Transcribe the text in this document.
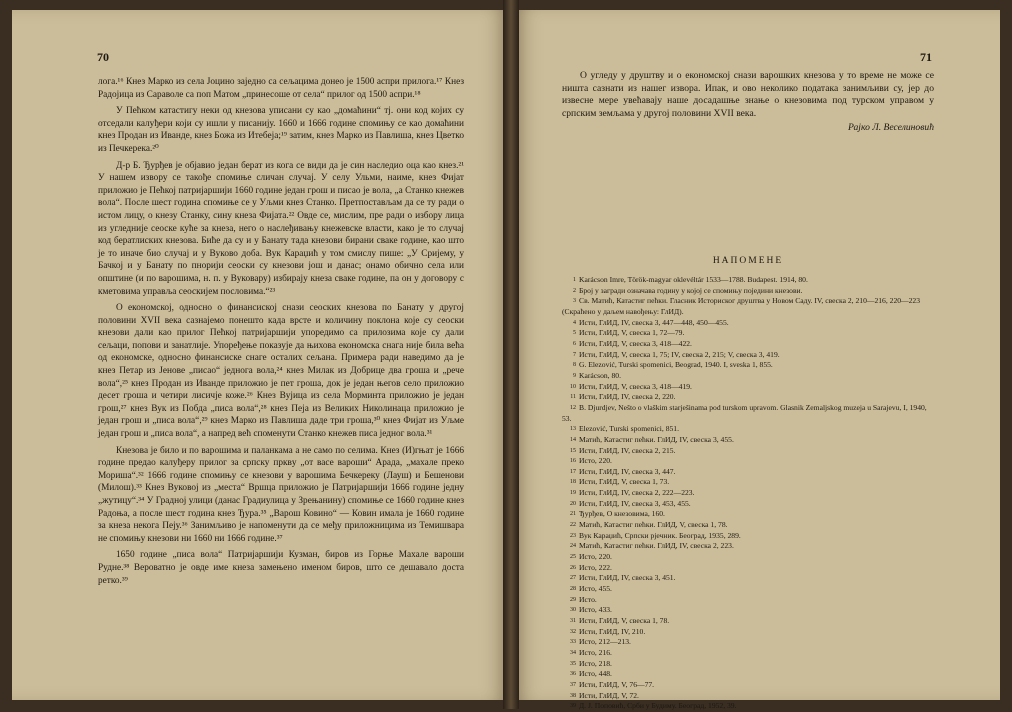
70

лога.¹⁶ Кнез Марко из села Јоцино заједно са сељацима донео је 1500 аспри прилога.¹⁷ Кнез Радојица из Сараволе са поп Матом „принесоше от села“ прилог од 1500 аспри.¹⁸

У Пећком катастигу неки од кнезова уписани су као „домаћини“ тј. они код којих су отседали калуђери који су ишли у писанију. 1660 и 1666 године спомињу се као домаћини кнез Продан из Иванде, кнез Божа из Итебеја;¹⁹ затим, кнез Марко из Павлиша, кнез Цветко из Печкерека.²⁰

Д-р Б. Ђурђев је објавио један берат из кога се види да је син наследио оца као кнез.²¹ У нашем извору се такође спомиње сличан случај. У селу Ульми, наиме, кнез Фијат приложио је Пећкој патријаршији 1660 године један грош и писао је вола, „а Станко кнежев вола“. После шест година спомиње се у Уљми кнез Станко. Претпостављам да се ту ради о истом лицу, о кнезу Станку, сину кнеза Фијата.²² Овде се, мислим, пре ради о избору лица из угледније сеоске куће за кнеза, него о наслеђивању кнежевске власти, како је то случај код бератлиских кнезова. Биће да су и у Банату тада кнезови бирани сваке године, као што је то иначе био случај и у Вуково доба. Вук Караџић у том смислу пише: „У Сријему, у Бачкој и у Банату по пнорији сеоски су кнезови још и данас; онамо обично села или општине (и по варошима, н. п. у Вуковару) избирају кнеза сваке године, па он у договору с кметовима управља сеоскијем пословима.“²³

О економској, односно о финансиској снази сеоских кнезова по Банату у другој половини XVII века сазнајемо понешто када врсте и количину поклона које су сеоски кнезови дали као прилог Пећкој патријаршији упоредимо са прилозима које су дали сељаци, попови и занатлије. Упоређење показује да њихова економска снага није била већа од економске, односно финансиске снаге осталих сељана. Примера ради наведимо да је кнез Петар из Јенове „писао“ једнога вола,²⁴ кнез Милак из Добрице два гроша и „рече вола“,²⁵ кнез Продан из Иванде приложио је пет гроша, док је један његов село приложио десет гроша и четири лисичје коже.²⁶ Кнез Вујица из села Морминта приложио је један грош,²⁷ кнез Вук из Побда „писа вола“,²⁸ кнез Пеја из Великих Николинаца приложио је један грош и „писа вола“,²⁹ кнез Марко из Павлиша даде три гроша,³⁰ кнез Фијат из Уљме један грош и „писа вола“, а напред већ споменути Станко кнежев писа једног вола.³¹

Кнезова је било и по варошима и паланкама а не само по селима. Кнез (И)гњат је 1666 године предао калуђеру прилог за српску прквy „от васе вароши“ Арада, „махале преко Мориша“.³² 1666 године спомињу се кнезови у варошима Бечкереку (Лауш) и Бешенови (Милош).³³ Кнез Вуковој из „места“ Вршца приложио је Патријаршији 1666 године једну „жутицу“.³⁴ У Градној улици (данас Градиулица у Зрењанину) спомиње се 1660 године кнез Радоња, а после шест година кнез Ђура.³⁵ „Варош Ковино“ — Ковин имала је 1660 године за кнеза некога Пеју.³⁶ Занимљиво је напоменути да се међу приложницима из Темишвара не спомињу кнезови ни 1660 ни 1666 године.³⁷

1650 године „писа вола“ Патријаршији Кузман, бирoв из Горње Махале вароши Рудне.³⁸ Вероватно је овде име кнеза замењено именом биров, што се дешавало доста ретко.³⁹

71

О угледу у друштву и о економској снази варошких кнезова у то време не може се ништа сазнати из нашег извора. Ипак, и ово неколико података занимљиви су, јер до извесне мере увећавају наше досадашње знање о кнезовима под турском управом у српским земљама у другој половини XVII века.

Рајко Л. Веселиновић
НАПОМЕНЕ
1 Karácson Imre, Török-magyar oklevéltár 1533—1788. Budapest. 1914, 80.
2 Број у загради означава годину у којој се спомињу поједини кнезови.
3 Св. Матић, Катастиг пећки. Гласник Историског друштва у Новом Саду. IV, свеска 2, 210—216, 220—223 (Скраћено у даљем навођењу: ГлИД).
4 Исти, ГлИД, IV, свеска 3, 447—448, 450—455.
5 Исти, ГлИД, V, свеска 1, 72—79.
6 Исти, ГлИД, V, свеска 3, 418—422.
7 Исти, ГлИД, V, свеска 1, 75; IV, свеска 2, 215; V, свеска 3, 419.
8 G. Elezović, Turski spomenici, Beograd, 1940. I, sveska 1, 855.
9 Karácson, 80.
10 Исти, ГлИД, V, свеска 3, 418—419.
11 Исти, ГлИД, IV, свеска 2, 220.
12 B. Djurdjev, Nešto o vlaškim starješinama pod turskom upravom. Glasnik Zemaljskog muzeja u Sarajevu, I, 1940, 53.
13 Elezović, Turski spomenici, 851.
14 Матић, Катастиг пећки. ГлИД, IV, свеска 3, 455.
15 Исти, ГлИД, IV, свеска 2, 215.
16 Исто, 220.
17 Исти, ГлИД, IV, свеска 3, 447.
18 Исти, ГлИД, V, свеска 1, 73.
19 Исти, ГлИД, IV, свеска 2, 222—223.
20 Исти, ГлИД, IV, свеска 3, 453, 455.
21 Ђурђев, О кнезовима, 160.
22 Матић, Катастиг пећки. ГлИД, V, свеска 1, 78.
23 Вук Караџић, Српски рјечник. Београд, 1935, 289.
24 Матић, Катастиг пећки. ГлИД, IV, свеска 2, 223.
25 Исто, 220.
26 Исто, 222.
27 Исти, ГлИД, IV, свеска 3, 451.
28 Исто, 455.
29 Исто.
30 Исто, 433.
31 Исти, ГлИД, V, свеска 1, 78.
32 Исти, ГлИД, IV, 210.
33 Исто, 212—213.
34 Исто, 216.
35 Исто, 218.
36 Исто, 448.
37 Исти, ГлИД, V, 76—77.
38 Исти, ГлИД, V, 72.
39 Д. Ј. Поповић, Срби у Будиму. Београд, 1952, 39.
